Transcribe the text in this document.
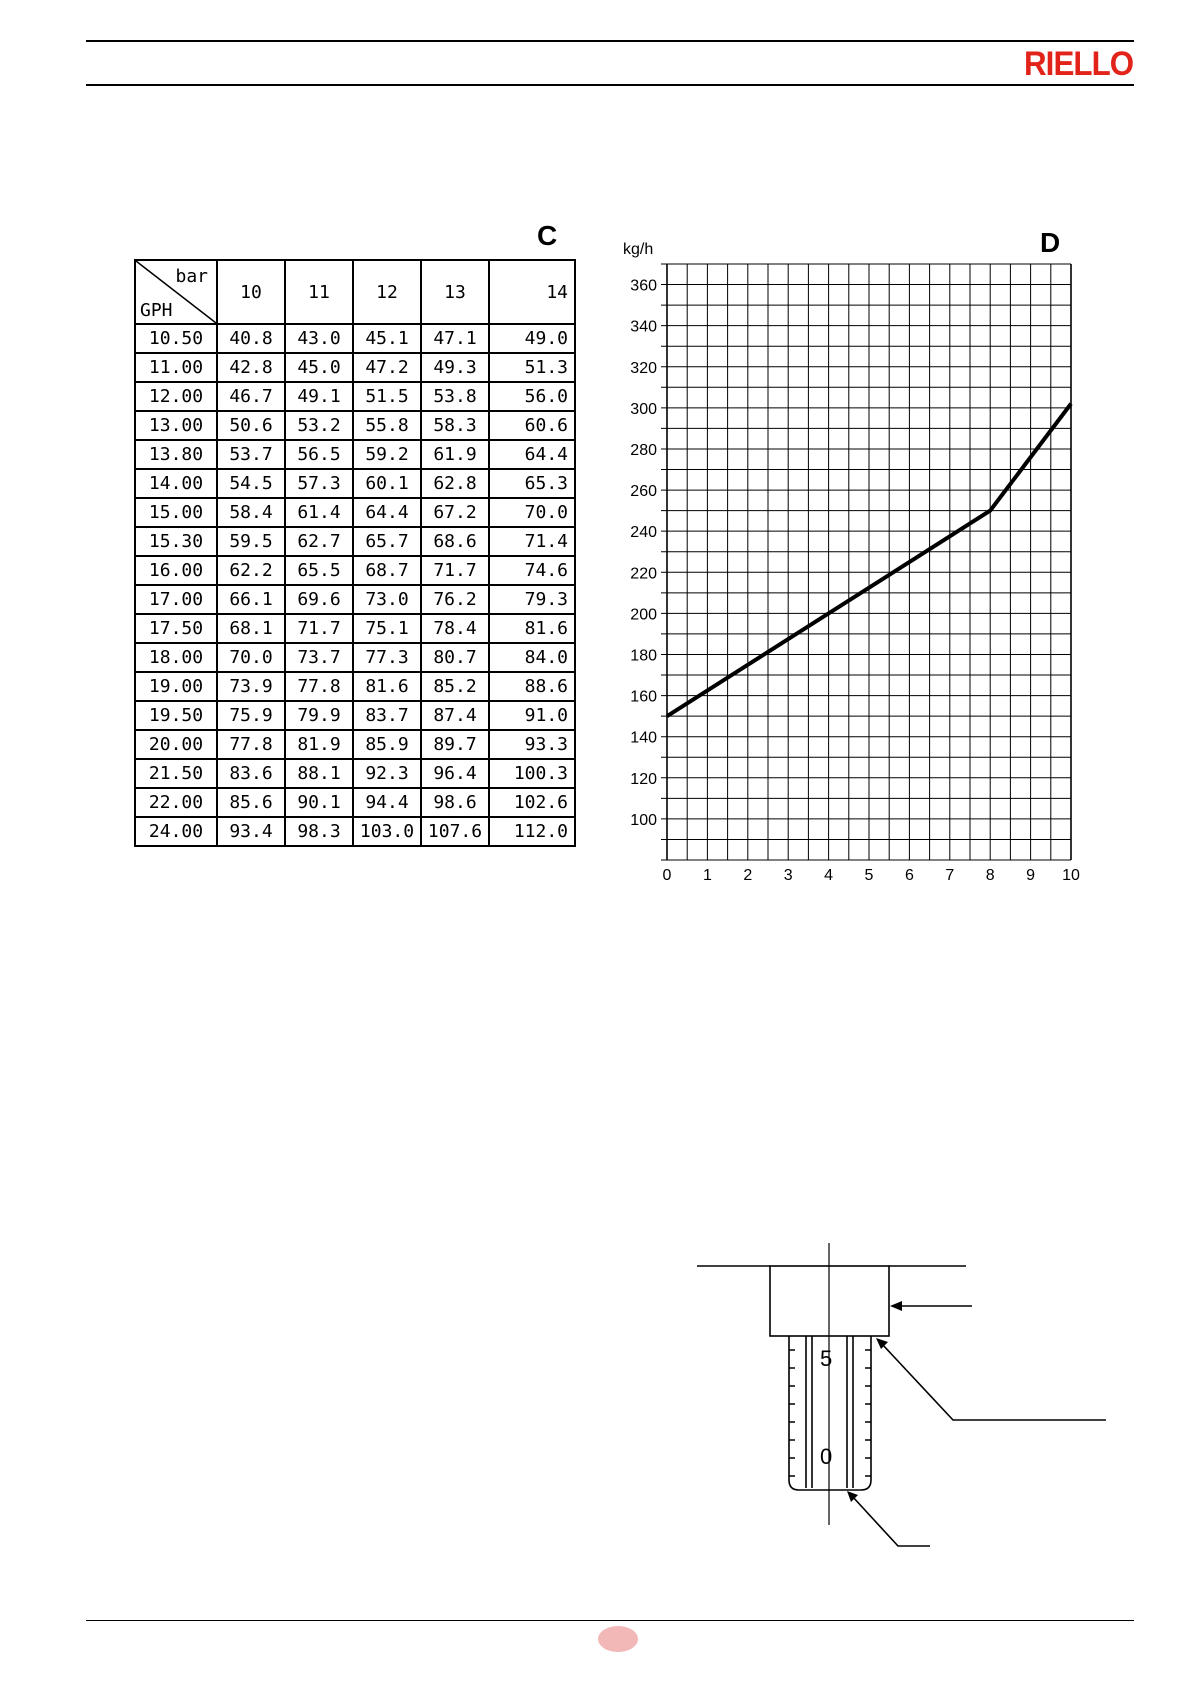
RIELLO
C
bar
GPH	10	11	12	13	14
10.50	40.8	43.0	45.1	47.1	49.0
11.00	42.8	45.0	47.2	49.3	51.3
12.00	46.7	49.1	51.5	53.8	56.0
13.00	50.6	53.2	55.8	58.3	60.6
13.80	53.7	56.5	59.2	61.9	64.4
14.00	54.5	57.3	60.1	62.8	65.3
15.00	58.4	61.4	64.4	67.2	70.0
15.30	59.5	62.7	65.7	68.6	71.4
16.00	62.2	65.5	68.7	71.7	74.6
17.00	66.1	69.6	73.0	76.2	79.3
17.50	68.1	71.7	75.1	78.4	81.6
18.00	70.0	73.7	77.3	80.7	84.0
19.00	73.9	77.8	81.6	85.2	88.6
19.50	75.9	79.9	83.7	87.4	91.0
20.00	77.8	81.9	85.9	89.7	93.3
21.50	83.6	88.1	92.3	96.4	100.3
22.00	85.6	90.1	94.4	98.6	102.6
24.00	93.4	98.3	103.0	107.6	112.0
D
100
120
140
160
180
200
220
240
260
280
300
320
340
360
0 1 2 3 4 5 6 7 8 9 10
kg/h
5
0
